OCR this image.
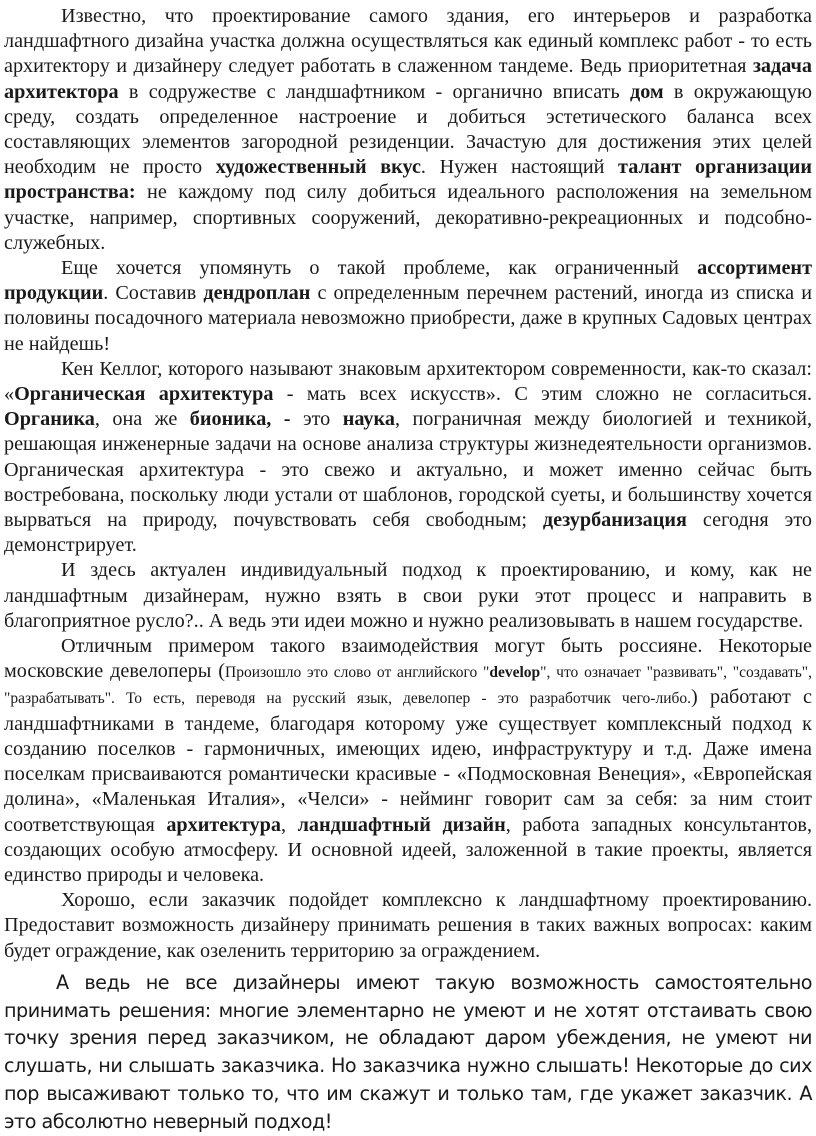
Известно, что проектирование самого здания, его интерьеров и разработка ландшафтного дизайна участка должна осуществляться как единый комплекс работ - то есть архитектору и дизайнеру следует работать в слаженном тандеме. Ведь приоритетная задача архитектора в содружестве с ландшафтником - органично вписать дом в окружающую среду, создать определенное настроение и добиться эстетического баланса всех составляющих элементов загородной резиденции. Зачастую для достижения этих целей необходим не просто художественный вкус. Нужен настоящий талант организации пространства: не каждому под силу добиться идеального расположения на земельном участке, например, спортивных сооружений, декоративно-рекреационных и подсобно-служебных.

Еще хочется упомянуть о такой проблеме, как ограниченный ассортимент продукции. Составив дендроплан с определенным перечнем растений, иногда из списка и половины посадочного материала невозможно приобрести, даже в крупных Садовых центрах не найдешь!

Кен Келлог, которого называют знаковым архитектором современности, как-то сказал: «Органическая архитектура - мать всех искусств». С этим сложно не согласиться. Органика, она же бионика, - это наука, пограничная между биологией и техникой, решающая инженерные задачи на основе анализа структуры жизнедеятельности организмов. Органическая архитектура - это свежо и актуально, и может именно сейчас быть востребована, поскольку люди устали от шаблонов, городской суеты, и большинству хочется вырваться на природу, почувствовать себя свободным; дезурбанизация сегодня это демонстрирует.

И здесь актуален индивидуальный подход к проектированию, и кому, как не ландшафтным дизайнерам, нужно взять в свои руки этот процесс и направить в благоприятное русло?.. А ведь эти идеи можно и нужно реализовывать в нашем государстве.

Отличным примером такого взаимодействия могут быть россияне. Некоторые московские девелоперы (Произошло это слово от английского "develop", что означает "развивать", "создавать", "разрабатывать". То есть, переводя на русский язык, девелопер - это разработчик чего-либо.) работают с ландшафтниками в тандеме, благодаря которому уже существует комплексный подход к созданию поселков - гармоничных, имеющих идею, инфраструктуру и т.д. Даже имена поселкам присваиваются романтически красивые - «Подмосковная Венеция», «Европейская долина», «Маленькая Италия», «Челси» - нейминг говорит сам за себя: за ним стоит соответствующая архитектура, ландшафтный дизайн, работа западных консультантов, создающих особую атмосферу. И основной идеей, заложенной в такие проекты, является единство природы и человека.

Хорошо, если заказчик подойдет комплексно к ландшафтному проектированию. Предоставит возможность дизайнеру принимать решения в таких важных вопросах: каким будет ограждение, как озеленить территорию за ограждением.

А ведь не все дизайнеры имеют такую возможность самостоятельно принимать решения: многие элементарно не умеют и не хотят отстаивать свою точку зрения перед заказчиком, не обладают даром убеждения, не умеют ни слушать, ни слышать заказчика. Но заказчика нужно слышать! Некоторые до сих пор высаживают только то, что им скажут и только там, где укажет заказчик. А это абсолютно неверный подход!
